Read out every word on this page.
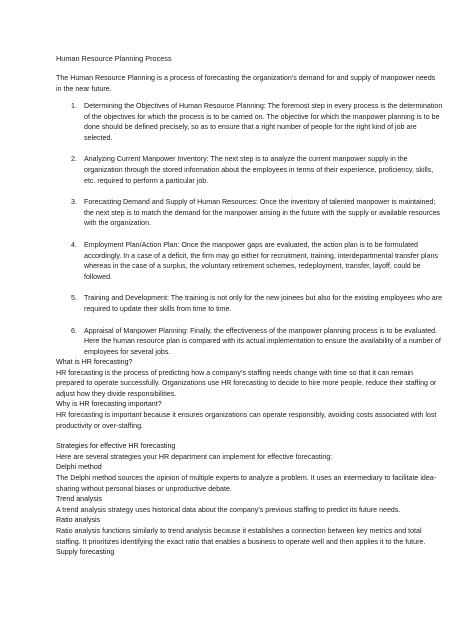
Human Resource Planning Process
The Human Resource Planning is a process of forecasting the organization’s demand for and supply of manpower needs in the near future.
1. Determining the Objectives of Human Resource Planning: The foremost step in every process is the determination of the objectives for which the process is to be carried on. The objective for which the manpower planning is to be done should be defined precisely, so as to ensure that a right number of people for the right kind of job are selected.
2. Analyzing Current Manpower Inventory: The next step is to analyze the current manpower supply in the organization through the stored information about the employees in terms of their experience, proficiency, skills, etc. required to perform a particular job.
3. Forecasting Demand and Supply of Human Resources: Once the inventory of talented manpower is maintained; the next step is to match the demand for the manpower arising in the future with the supply or available resources with the organization.
4. Employment Plan/Action Plan: Once the manpower gaps are evaluated, the action plan is to be formulated accordingly. In a case of a deficit, the firm may go either for recruitment, training, interdepartmental transfer plans whereas in the case of a surplus, the voluntary retirement schemes, redeployment, transfer, layoff, could be followed.
5. Training and Development: The training is not only for the new joinees but also for the existing employees who are required to update their skills from time to time.
6. Appraisal of Manpower Planning: Finally, the effectiveness of the manpower planning process is to be evaluated. Here the human resource plan is compared with its actual implementation to ensure the availability of a number of employees for several jobs.

What is HR forecasting?

HR forecasting is the process of predicting how a company’s staffing needs change with time so that it can remain prepared to operate successfully. Organizations use HR forecasting to decide to hire more people, reduce their staffing or adjust how they divide responsibilities.

Why is HR forecasting important?

HR forecasting is important because it ensures organizations can operate responsibly, avoiding costs associated with lost productivity or over-staffing.

Strategies for effective HR forecasting

Here are several strategies your HR department can implement for effective forecasting:

Delphi method

The Delphi method sources the opinion of multiple experts to analyze a problem. It uses an intermediary to facilitate idea-sharing without personal biases or unproductive debate.

Trend analysis

A trend analysis strategy uses historical data about the company’s previous staffing to predict its future needs.

Ratio analysis

Ratio analysis functions similarly to trend analysis because it establishes a connection between key metrics and total staffing. It prioritizes identifying the exact ratio that enables a business to operate well and then applies it to the future.

Supply forecasting
